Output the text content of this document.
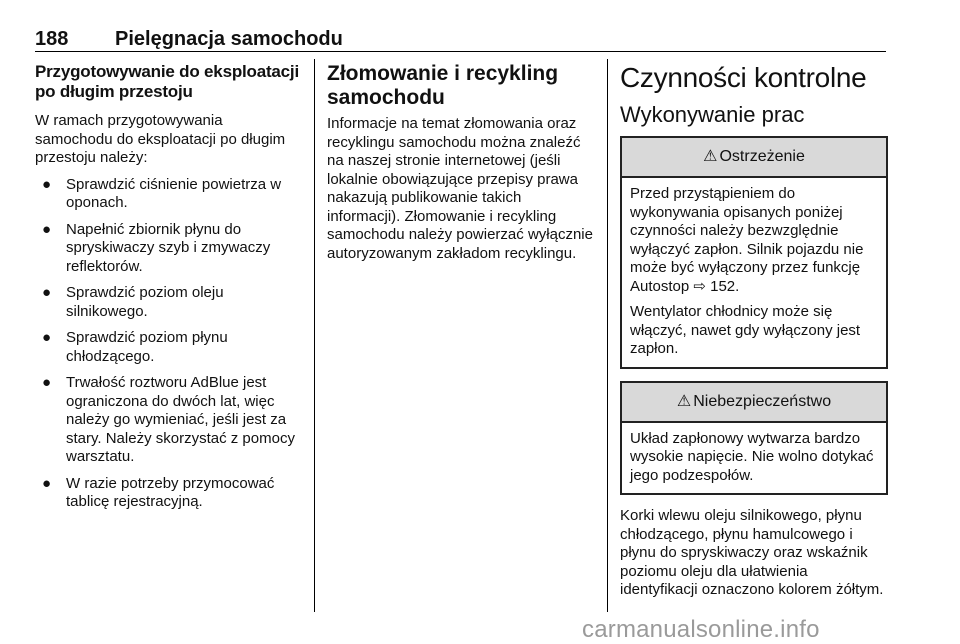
188 Pielęgnacja samochodu
Przygotowywanie do eksploatacji po długim przestoju

W ramach przygotowywania samochodu do eksploatacji po długim przestoju należy:

● Sprawdzić ciśnienie powietrza w oponach.
● Napełnić zbiornik płynu do spryskiwaczy szyb i zmywaczy reflektorów.
● Sprawdzić poziom oleju silnikowego.
● Sprawdzić poziom płynu chłodzącego.
● Trwałość roztworu AdBlue jest ograniczona do dwóch lat, więc należy go wymieniać, jeśli jest za stary. Należy skorzystać z pomocy warsztatu.
● W razie potrzeby przymocować tablicę rejestracyjną.
Złomowanie i recykling samochodu

Informacje na temat złomowania oraz recyklingu samochodu można znaleźć na naszej stronie internetowej (jeśli lokalnie obowiązujące przepisy prawa nakazują publikowanie takich informacji). Złomowanie i recykling samochodu należy powierzać wyłącznie autoryzowanym zakładom recyklingu.

Czynności kontrolne
Wykonywanie prac
⚠ Ostrzeżenie

Przed przystąpieniem do wykonywania opisanych poniżej czynności należy bezwzględnie wyłączyć zapłon. Silnik pojazdu nie może być wyłączony przez funkcję Autostop ⇨ 152.

Wentylator chłodnicy może się włączyć, nawet gdy wyłączony jest zapłon.

⚠ Niebezpieczeństwo

Układ zapłonowy wytwarza bardzo wysokie napięcie. Nie wolno dotykać jego podzespołów.

Korki wlewu oleju silnikowego, płynu chłodzącego, płynu hamulcowego i płynu do spryskiwaczy oraz wskaźnik poziomu oleju dla ułatwienia identyfikacji oznaczono kolorem żółtym.

carmanualsonline.info
